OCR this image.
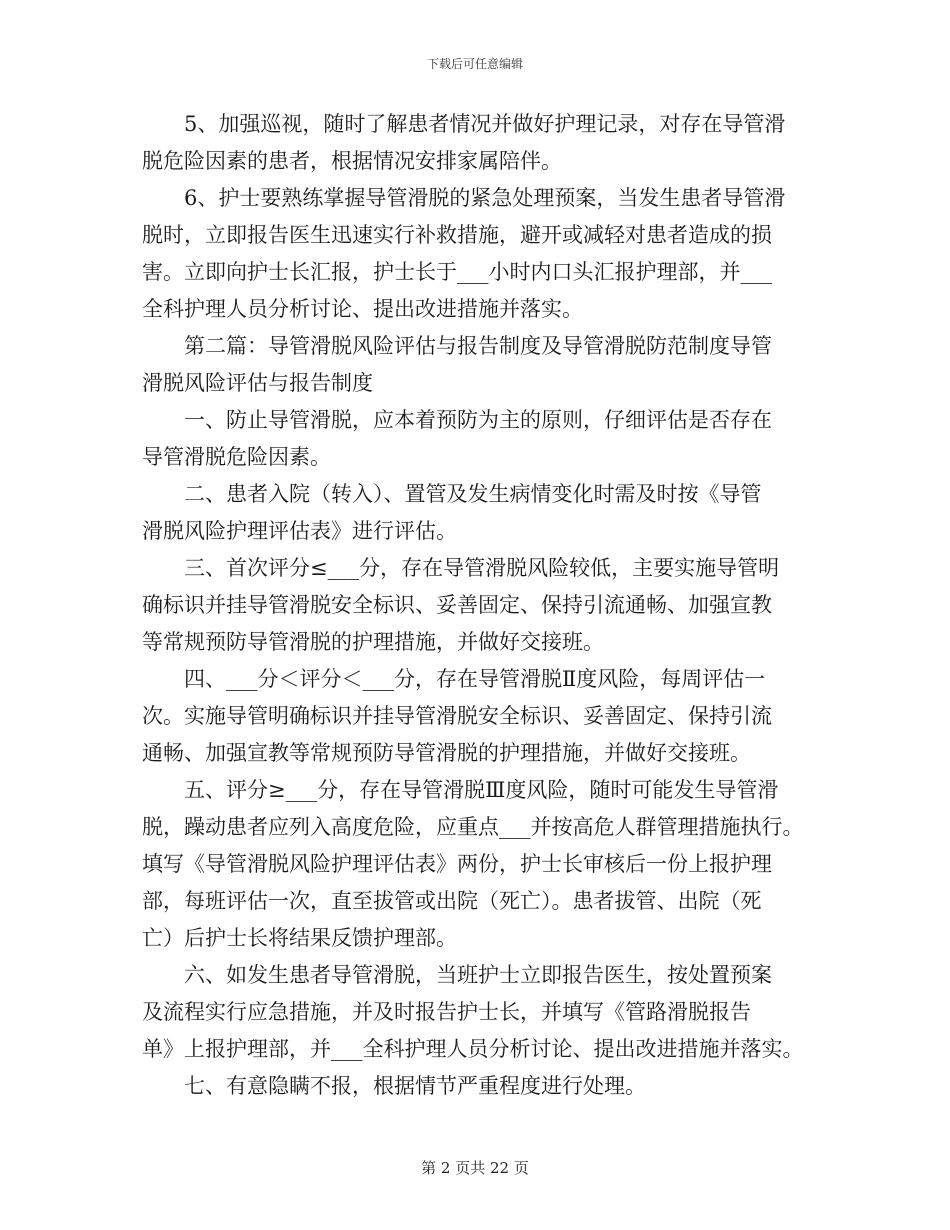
下载后可任意编辑
　　5、加强巡视，随时了解患者情况并做好护理记录，对存在导管滑
脱危险因素的患者，根据情况安排家属陪伴。
　　6、护士要熟练掌握导管滑脱的紧急处理预案，当发生患者导管滑
脱时，立即报告医生迅速实行补救措施，避开或减轻对患者造成的损
害。立即向护士长汇报，护士长于___小时内口头汇报护理部，并___
全科护理人员分析讨论、提出改进措施并落实。
　　第二篇：导管滑脱风险评估与报告制度及导管滑脱防范制度导管
滑脱风险评估与报告制度
　　一、防止导管滑脱，应本着预防为主的原则，仔细评估是否存在
导管滑脱危险因素。
　　二、患者入院（转入）、置管及发生病情变化时需及时按《导管
滑脱风险护理评估表》进行评估。
　　三、首次评分≤___分，存在导管滑脱风险较低，主要实施导管明
确标识并挂导管滑脱安全标识、妥善固定、保持引流通畅、加强宣教
等常规预防导管滑脱的护理措施，并做好交接班。
　　四、___分＜评分＜___分，存在导管滑脱Ⅱ度风险，每周评估一
次。实施导管明确标识并挂导管滑脱安全标识、妥善固定、保持引流
通畅、加强宣教等常规预防导管滑脱的护理措施，并做好交接班。
　　五、评分≥___分，存在导管滑脱Ⅲ度风险，随时可能发生导管滑
脱，躁动患者应列入高度危险，应重点___并按高危人群管理措施执行。
填写《导管滑脱风险护理评估表》两份，护士长审核后一份上报护理
部，每班评估一次，直至拔管或出院（死亡）。患者拔管、出院（死
亡）后护士长将结果反馈护理部。
　　六、如发生患者导管滑脱，当班护士立即报告医生，按处置预案
及流程实行应急措施，并及时报告护士长，并填写《管路滑脱报告
单》上报护理部，并___全科护理人员分析讨论、提出改进措施并落实。
　　七、有意隐瞒不报，根据情节严重程度进行处理。
第 2 页共 22 页
